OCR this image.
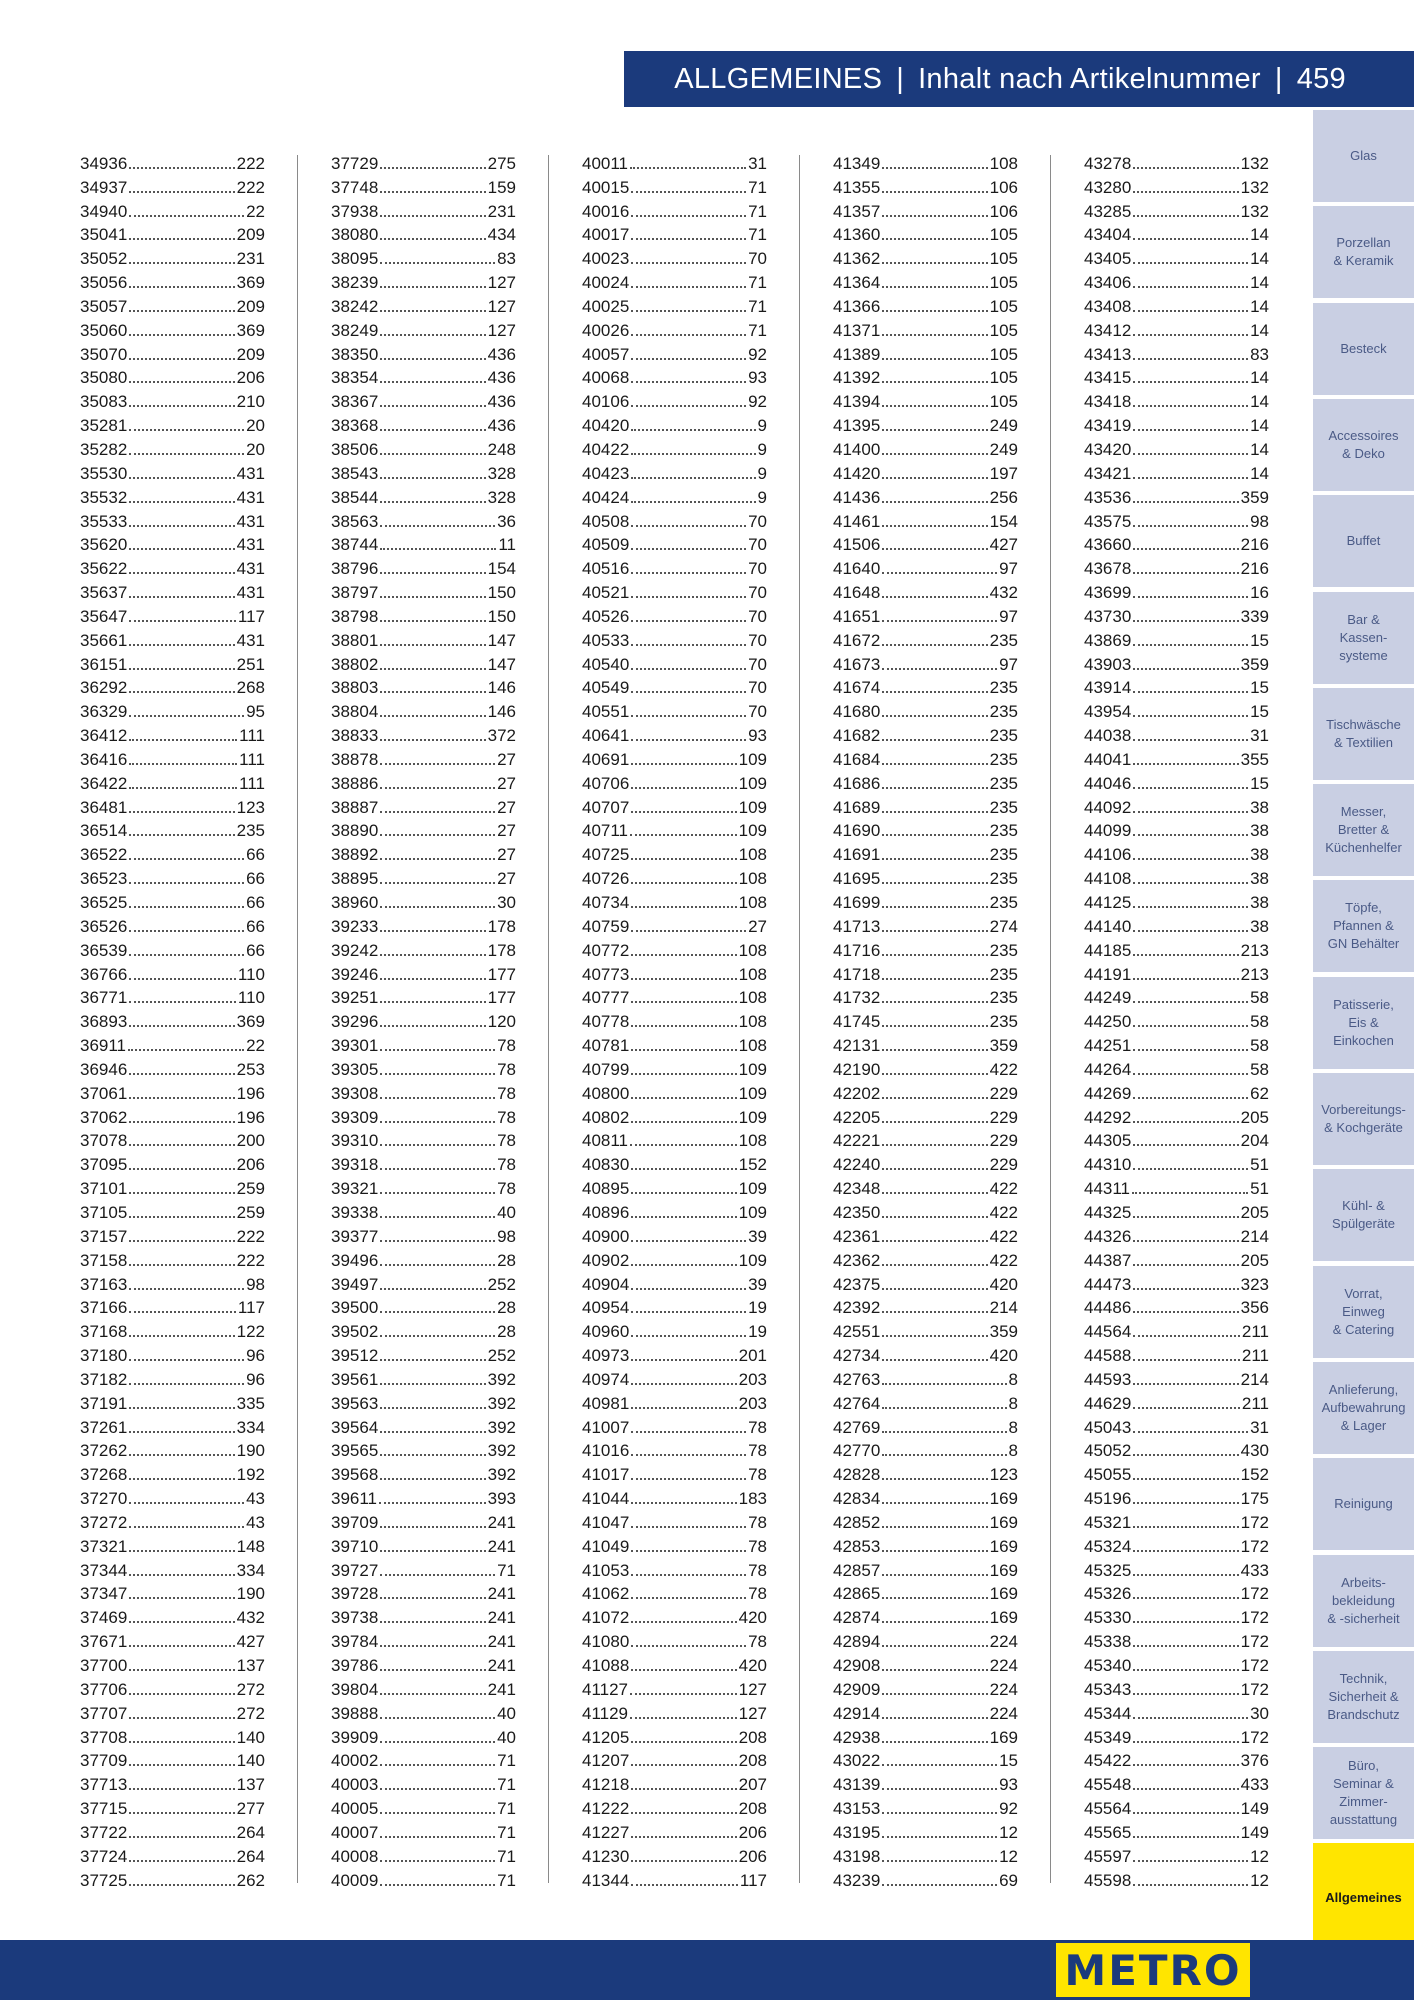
ALLGEMEINES | Inhalt nach Artikelnummer | 459
34936	222
34937	222
34940	22
35041	209
35052	231
35056	369
35057	209
35060	369
35070	209
35080	206
35083	210
35281	20
35282	20
35530	431
35532	431
35533	431
35620	431
35622	431
35637	431
35647	117
35661	431
36151	251
36292	268
36329	95
36412	111
36416	111
36422	111
36481	123
36514	235
36522	66
36523	66
36525	66
36526	66
36539	66
36766	110
36771	110
36893	369
36911	22
36946	253
37061	196
37062	196
37078	200
37095	206
37101	259
37105	259
37157	222
37158	222
37163	98
37166	117
37168	122
37180	96
37182	96
37191	335
37261	334
37262	190
37268	192
37270	43
37272	43
37321	148
37344	334
37347	190
37469	432
37671	427
37700	137
37706	272
37707	272
37708	140
37709	140
37713	137
37715	277
37722	264
37724	264
37725	262
37729	275
37748	159
37938	231
38080	434
38095	83
38239	127
38242	127
38249	127
38350	436
38354	436
38367	436
38368	436
38506	248
38543	328
38544	328
38563	36
38744	11
38796	154
38797	150
38798	150
38801	147
38802	147
38803	146
38804	146
38833	372
38878	27
38886	27
38887	27
38890	27
38892	27
38895	27
38960	30
39233	178
39242	178
39246	177
39251	177
39296	120
39301	78
39305	78
39308	78
39309	78
39310	78
39318	78
39321	78
39338	40
39377	98
39496	28
39497	252
39500	28
39502	28
39512	252
39561	392
39563	392
39564	392
39565	392
39568	392
39611	393
39709	241
39710	241
39727	71
39728	241
39738	241
39784	241
39786	241
39804	241
39888	40
39909	40
40002	71
40003	71
40005	71
40007	71
40008	71
40009	71
40011	31
40015	71
40016	71
40017	71
40023	70
40024	71
40025	71
40026	71
40057	92
40068	93
40106	92
40420	9
40422	9
40423	9
40424	9
40508	70
40509	70
40516	70
40521	70
40526	70
40533	70
40540	70
40549	70
40551	70
40641	93
40691	109
40706	109
40707	109
40711	109
40725	108
40726	108
40734	108
40759	27
40772	108
40773	108
40777	108
40778	108
40781	108
40799	109
40800	109
40802	109
40811	108
40830	152
40895	109
40896	109
40900	39
40902	109
40904	39
40954	19
40960	19
40973	201
40974	203
40981	203
41007	78
41016	78
41017	78
41044	183
41047	78
41049	78
41053	78
41062	78
41072	420
41080	78
41088	420
41127	127
41129	127
41205	208
41207	208
41218	207
41222	208
41227	206
41230	206
41344	117
41349	108
41355	106
41357	106
41360	105
41362	105
41364	105
41366	105
41371	105
41389	105
41392	105
41394	105
41395	249
41400	249
41420	197
41436	256
41461	154
41506	427
41640	97
41648	432
41651	97
41672	235
41673	97
41674	235
41680	235
41682	235
41684	235
41686	235
41689	235
41690	235
41691	235
41695	235
41699	235
41713	274
41716	235
41718	235
41732	235
41745	235
42131	359
42190	422
42202	229
42205	229
42221	229
42240	229
42348	422
42350	422
42361	422
42362	422
42375	420
42392	214
42551	359
42734	420
42763	8
42764	8
42769	8
42770	8
42828	123
42834	169
42852	169
42853	169
42857	169
42865	169
42874	169
42894	224
42908	224
42909	224
42914	224
42938	169
43022	15
43139	93
43153	92
43195	12
43198	12
43239	69
43278	132
43280	132
43285	132
43404	14
43405	14
43406	14
43408	14
43412	14
43413	83
43415	14
43418	14
43419	14
43420	14
43421	14
43536	359
43575	98
43660	216
43678	216
43699	16
43730	339
43869	15
43903	359
43914	15
43954	15
44038	31
44041	355
44046	15
44092	38
44099	38
44106	38
44108	38
44125	38
44140	38
44185	213
44191	213
44249	58
44250	58
44251	58
44264	58
44269	62
44292	205
44305	204
44310	51
44311	51
44325	205
44326	214
44387	205
44473	323
44486	356
44564	211
44588	211
44593	214
44629	211
45043	31
45052	430
45055	152
45196	175
45321	172
45324	172
45325	433
45326	172
45330	172
45338	172
45340	172
45343	172
45344	30
45349	172
45422	376
45548	433
45564	149
45565	149
45597	12
45598	12
Glas
Porzellan
& Keramik
Besteck
Accessoires
& Deko
Buffet
Bar &
Kassen-
systeme
Tischwäsche
& Textilien
Messer,
Bretter &
Küchenhelfer
Töpfe,
Pfannen &
GN Behälter
Patisserie,
Eis &
Einkochen
Vorbereitungs-
& Kochgeräte
Kühl- &
Spülgeräte
Vorrat,
Einweg
& Catering
Anlieferung,
Aufbewahrung
& Lager
Reinigung
Arbeits-
bekleidung
& -sicherheit
Technik,
Sicherheit &
Brandschutz
Büro,
Seminar &
Zimmer-
ausstattung
Allgemeines
METRO
